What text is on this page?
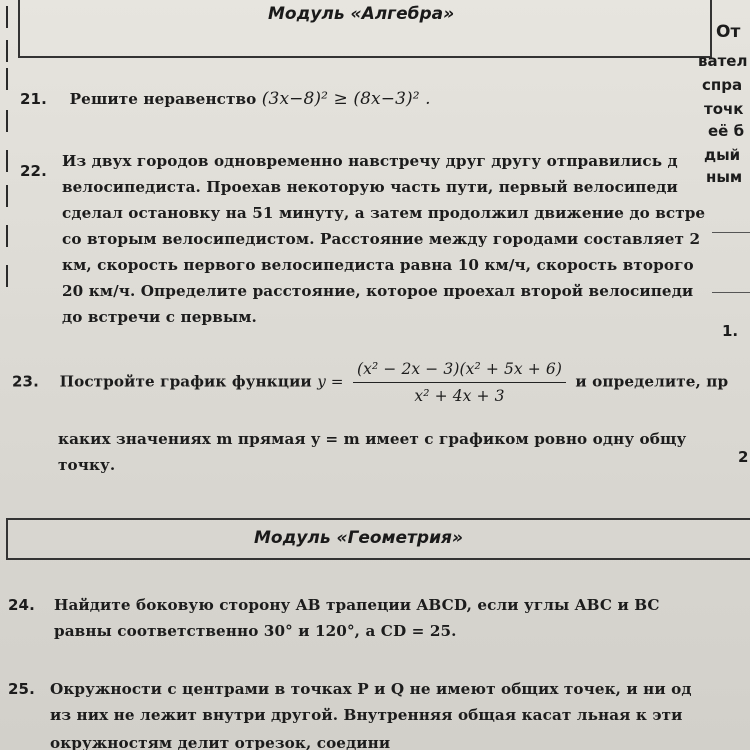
Модуль «Алгебра»
От
вател
спра
точк
её б
дый
ным
1.
2
21. Решите неравенство (3x−8)² ≥ (8x−3)² .
22.
Из двух городов одновременно навстречу друг другу отправились д
велосипедиста. Проехав некоторую часть пути, первый велосипеди
сделал остановку на 51 минуту, а затем продолжил движение до встре
со вторым велосипедистом. Расстояние между городами составляет 2
км, скорость первого велосипедиста равна 10 км/ч, скорость второго
20 км/ч. Определите расстояние, которое проехал второй велосипеди
до встречи с первым.
23. Постройте график функции $y = \frac{\text{(x² − 2x − 3)(x² + 5x + 6)}}{\text{x² + 4x + 3}}$ и определите, пр
каких значениях m прямая y = m имеет с графиком ровно одну общу
точку.
Модуль «Геометрия»
24. Найдите боковую сторону AB трапеции ABCD, если углы ABC и BC
равны соответственно 30° и 120°, а CD = 25.
25. Окружности с центрами в точках P и Q не имеют общих точек, и ни од
из них не лежит внутри другой. Внутренняя общая касат льная к эти
окружностям делит отрезок, соедини
